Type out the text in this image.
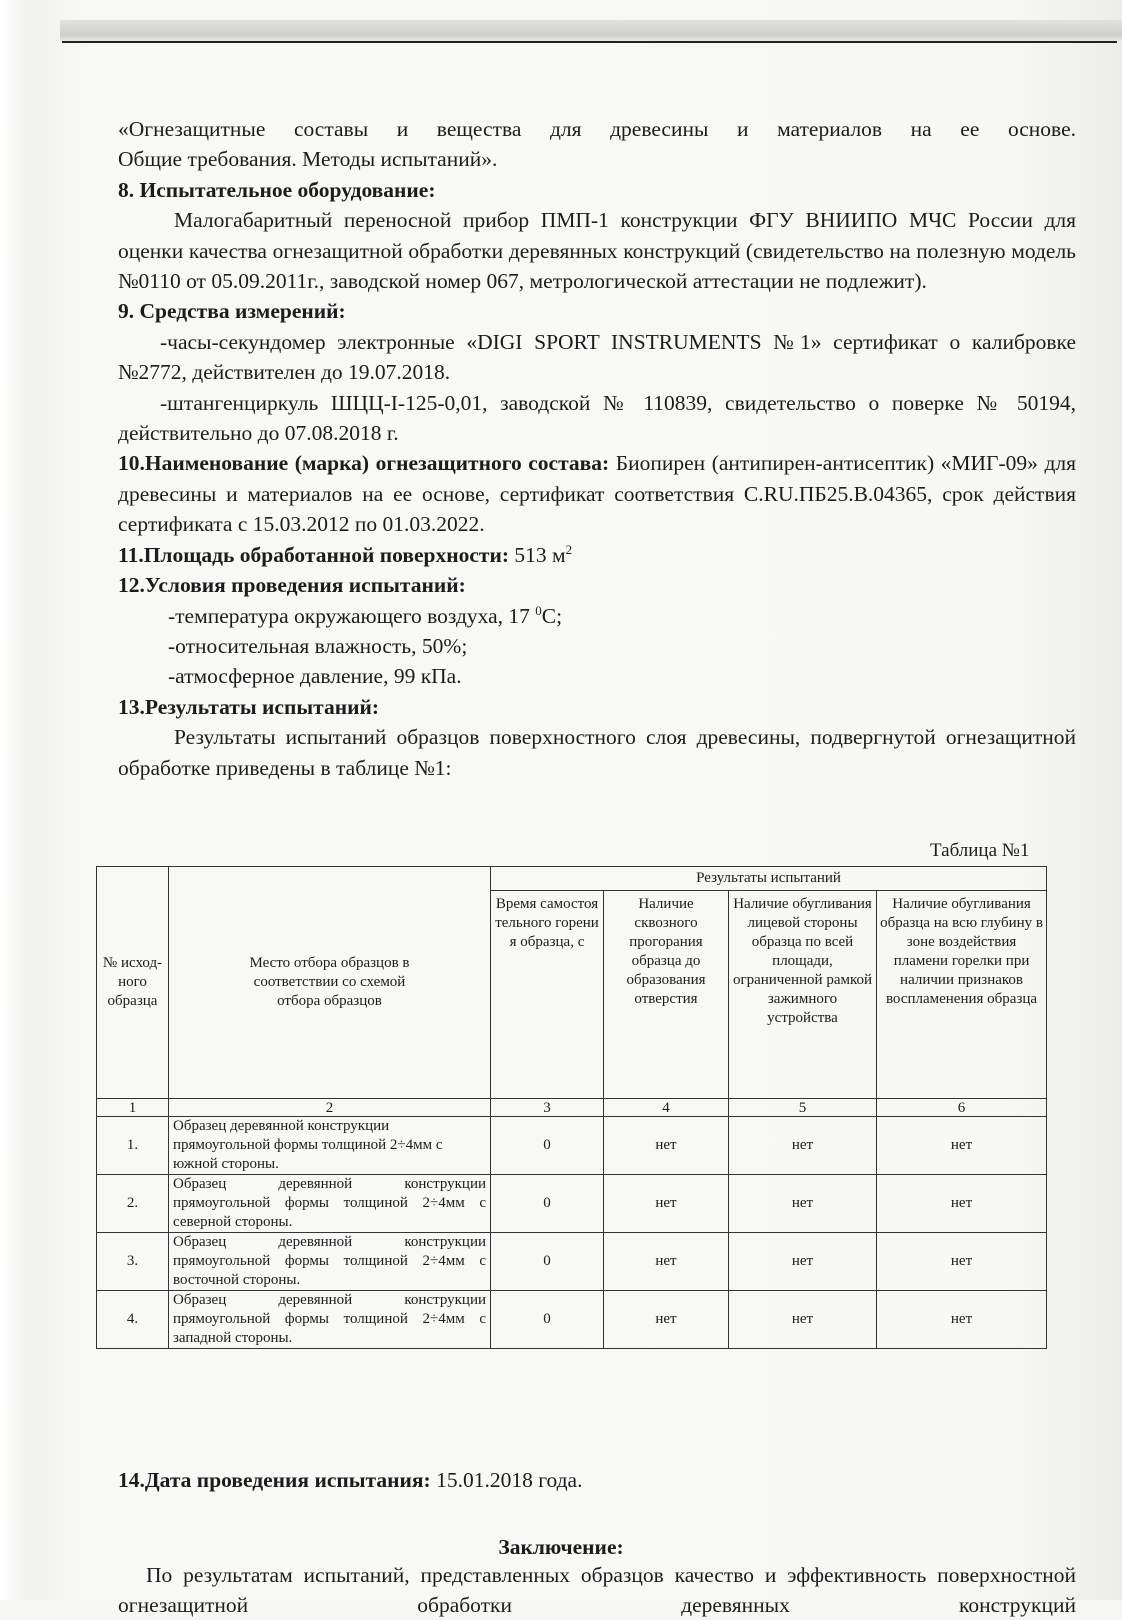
«Огнезащитные составы и вещества для древесины и материалов на ее основе.

Общие требования. Методы испытаний».

8. Испытательное оборудование:

Малогабаритный переносной прибор ПМП-1 конструкции ФГУ ВНИИПО МЧС России для оценки качества огнезащитной обработки деревянных конструкций (свидетельство на полезную модель №0110 от 05.09.2011г., заводской номер 067, метрологической аттестации не подлежит).

9. Средства измерений:

-часы-секундомер электронные «DIGI SPORT INSTRUMENTS №1» сертификат о калибровке №2772, действителен до 19.07.2018.

-штангенциркуль ШЦЦ-I-125-0,01, заводской № 110839, свидетельство о поверке № 50194, действительно до 07.08.2018 г.

10.Наименование (марка) огнезащитного состава: Биопирен (антипирен-антисептик) «МИГ-09» для древесины и материалов на ее основе, сертификат соответствия С.RU.ПБ25.В.04365, срок действия сертификата с 15.03.2012 по 01.03.2022.

11.Площадь обработанной поверхности: 513 $м^2$

12.Условия проведения испытаний:

-температура окружающего воздуха, 17 $^0$С;

-относительная влажность, 50%;

-атмосферное давление, 99 кПа.

13.Результаты испытаний:

Результаты испытаний образцов поверхностного слоя древесины, подвергнутой огнезащитной обработке приведены в таблице №1:

Таблица №1
№ исход-ного образца	Место отбора образцов в соответствии со схемой отбора образцов	Результаты испытаний			
		Время самостоятельного горения образца, с	Наличие сквозного прогорания образца до образования отверстия	Наличие обугливания лицевой стороны образца по всей площади, ограниченной рамкой зажимного устройства	Наличие обугливания образца на всю глубину в зоне воздействия пламени горелки при наличии признаков воспламенения образца
1	2	3	4	5	6
1.	Образец деревянной конструкции прямоугольной формы толщиной 2÷4мм с южной стороны.	0	нет	нет	нет
2.	Образец деревянной конструкции прямоугольной формы толщиной 2÷4мм с северной стороны.	0	нет	нет	нет
3.	Образец деревянной конструкции прямоугольной формы толщиной 2÷4мм с восточной стороны.	0	нет	нет	нет
4.	Образец деревянной конструкции прямоугольной формы толщиной 2÷4мм с западной стороны.	0	нет	нет	нет
14.Дата проведения испытания: 15.01.2018 года.
Заключение:
По результатам испытаний, представленных образцов качество и эффективность поверхностной огнезащитной обработки деревянных конструкций
